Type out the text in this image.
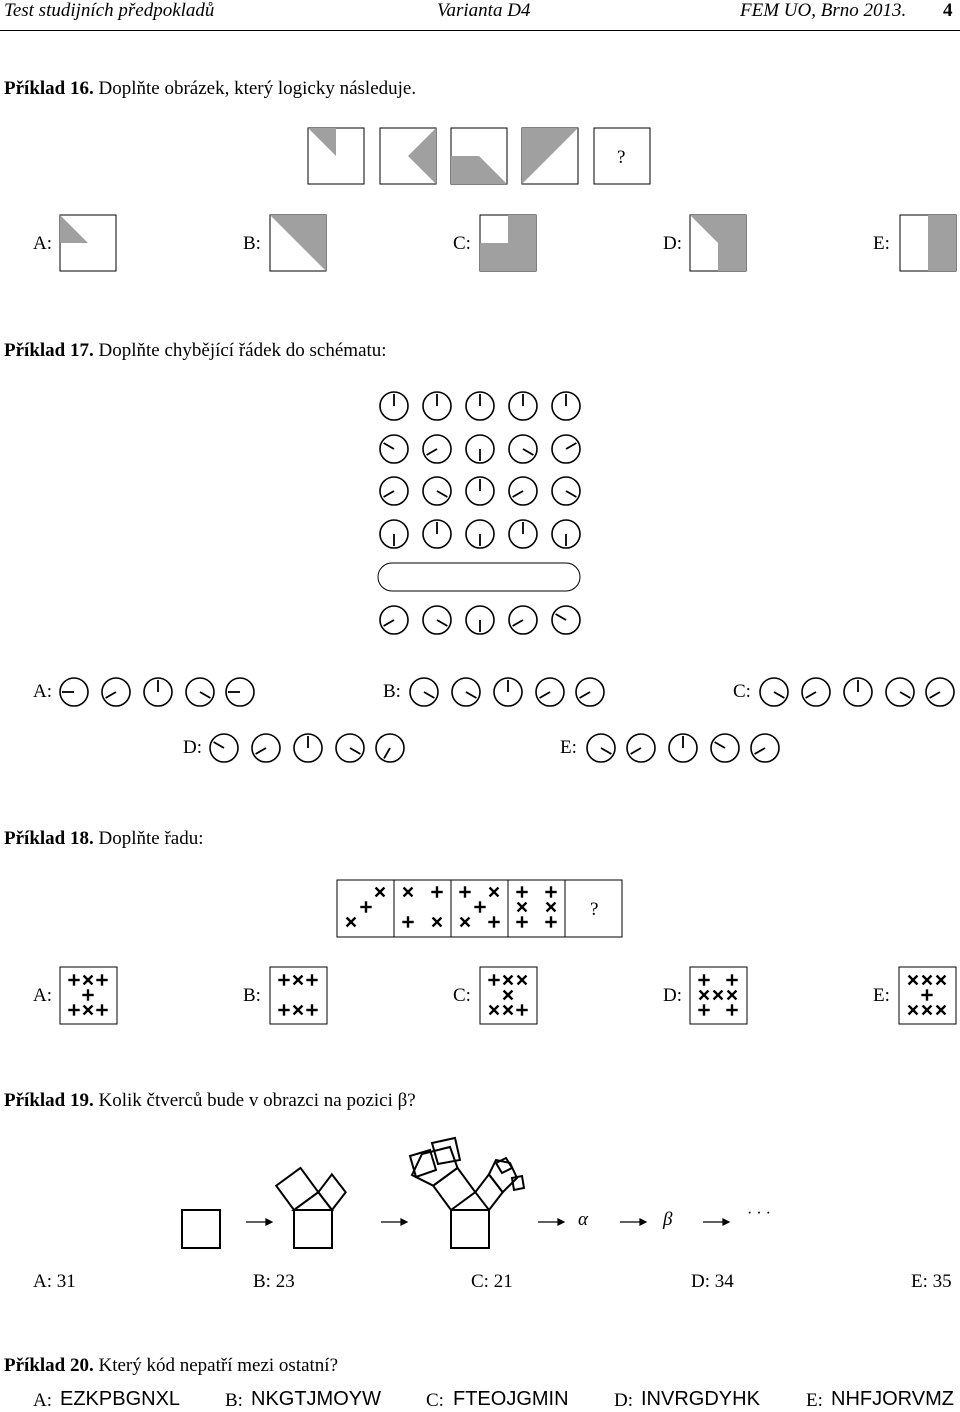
Test studijních předpokladů	Varianta D4	FEM UO, Brno 2013. 4
Příklad 16. Doplňte obrázek, který logicky následuje.
?
A:	B:	C:	D:	E:
Příklad 17. Doplňte chybějící řádek do schématu:
A:	B:	C:
D:	E:
Příklad 18. Doplňte řadu:
?
A:	B:	C:	D:	E:
Příklad 19. Kolik čtverců bude v obrazci na pozici β?
α	β	· · ·
A: 31	B: 23	C: 21	D: 34	E: 35
Příklad 20. Který kód nepatří mezi ostatní?
A: EZKPBGNXL B: NKGTJMOYW C: FTEOJGMIN D: INVRGDYHK E: NHFJORVMZ
